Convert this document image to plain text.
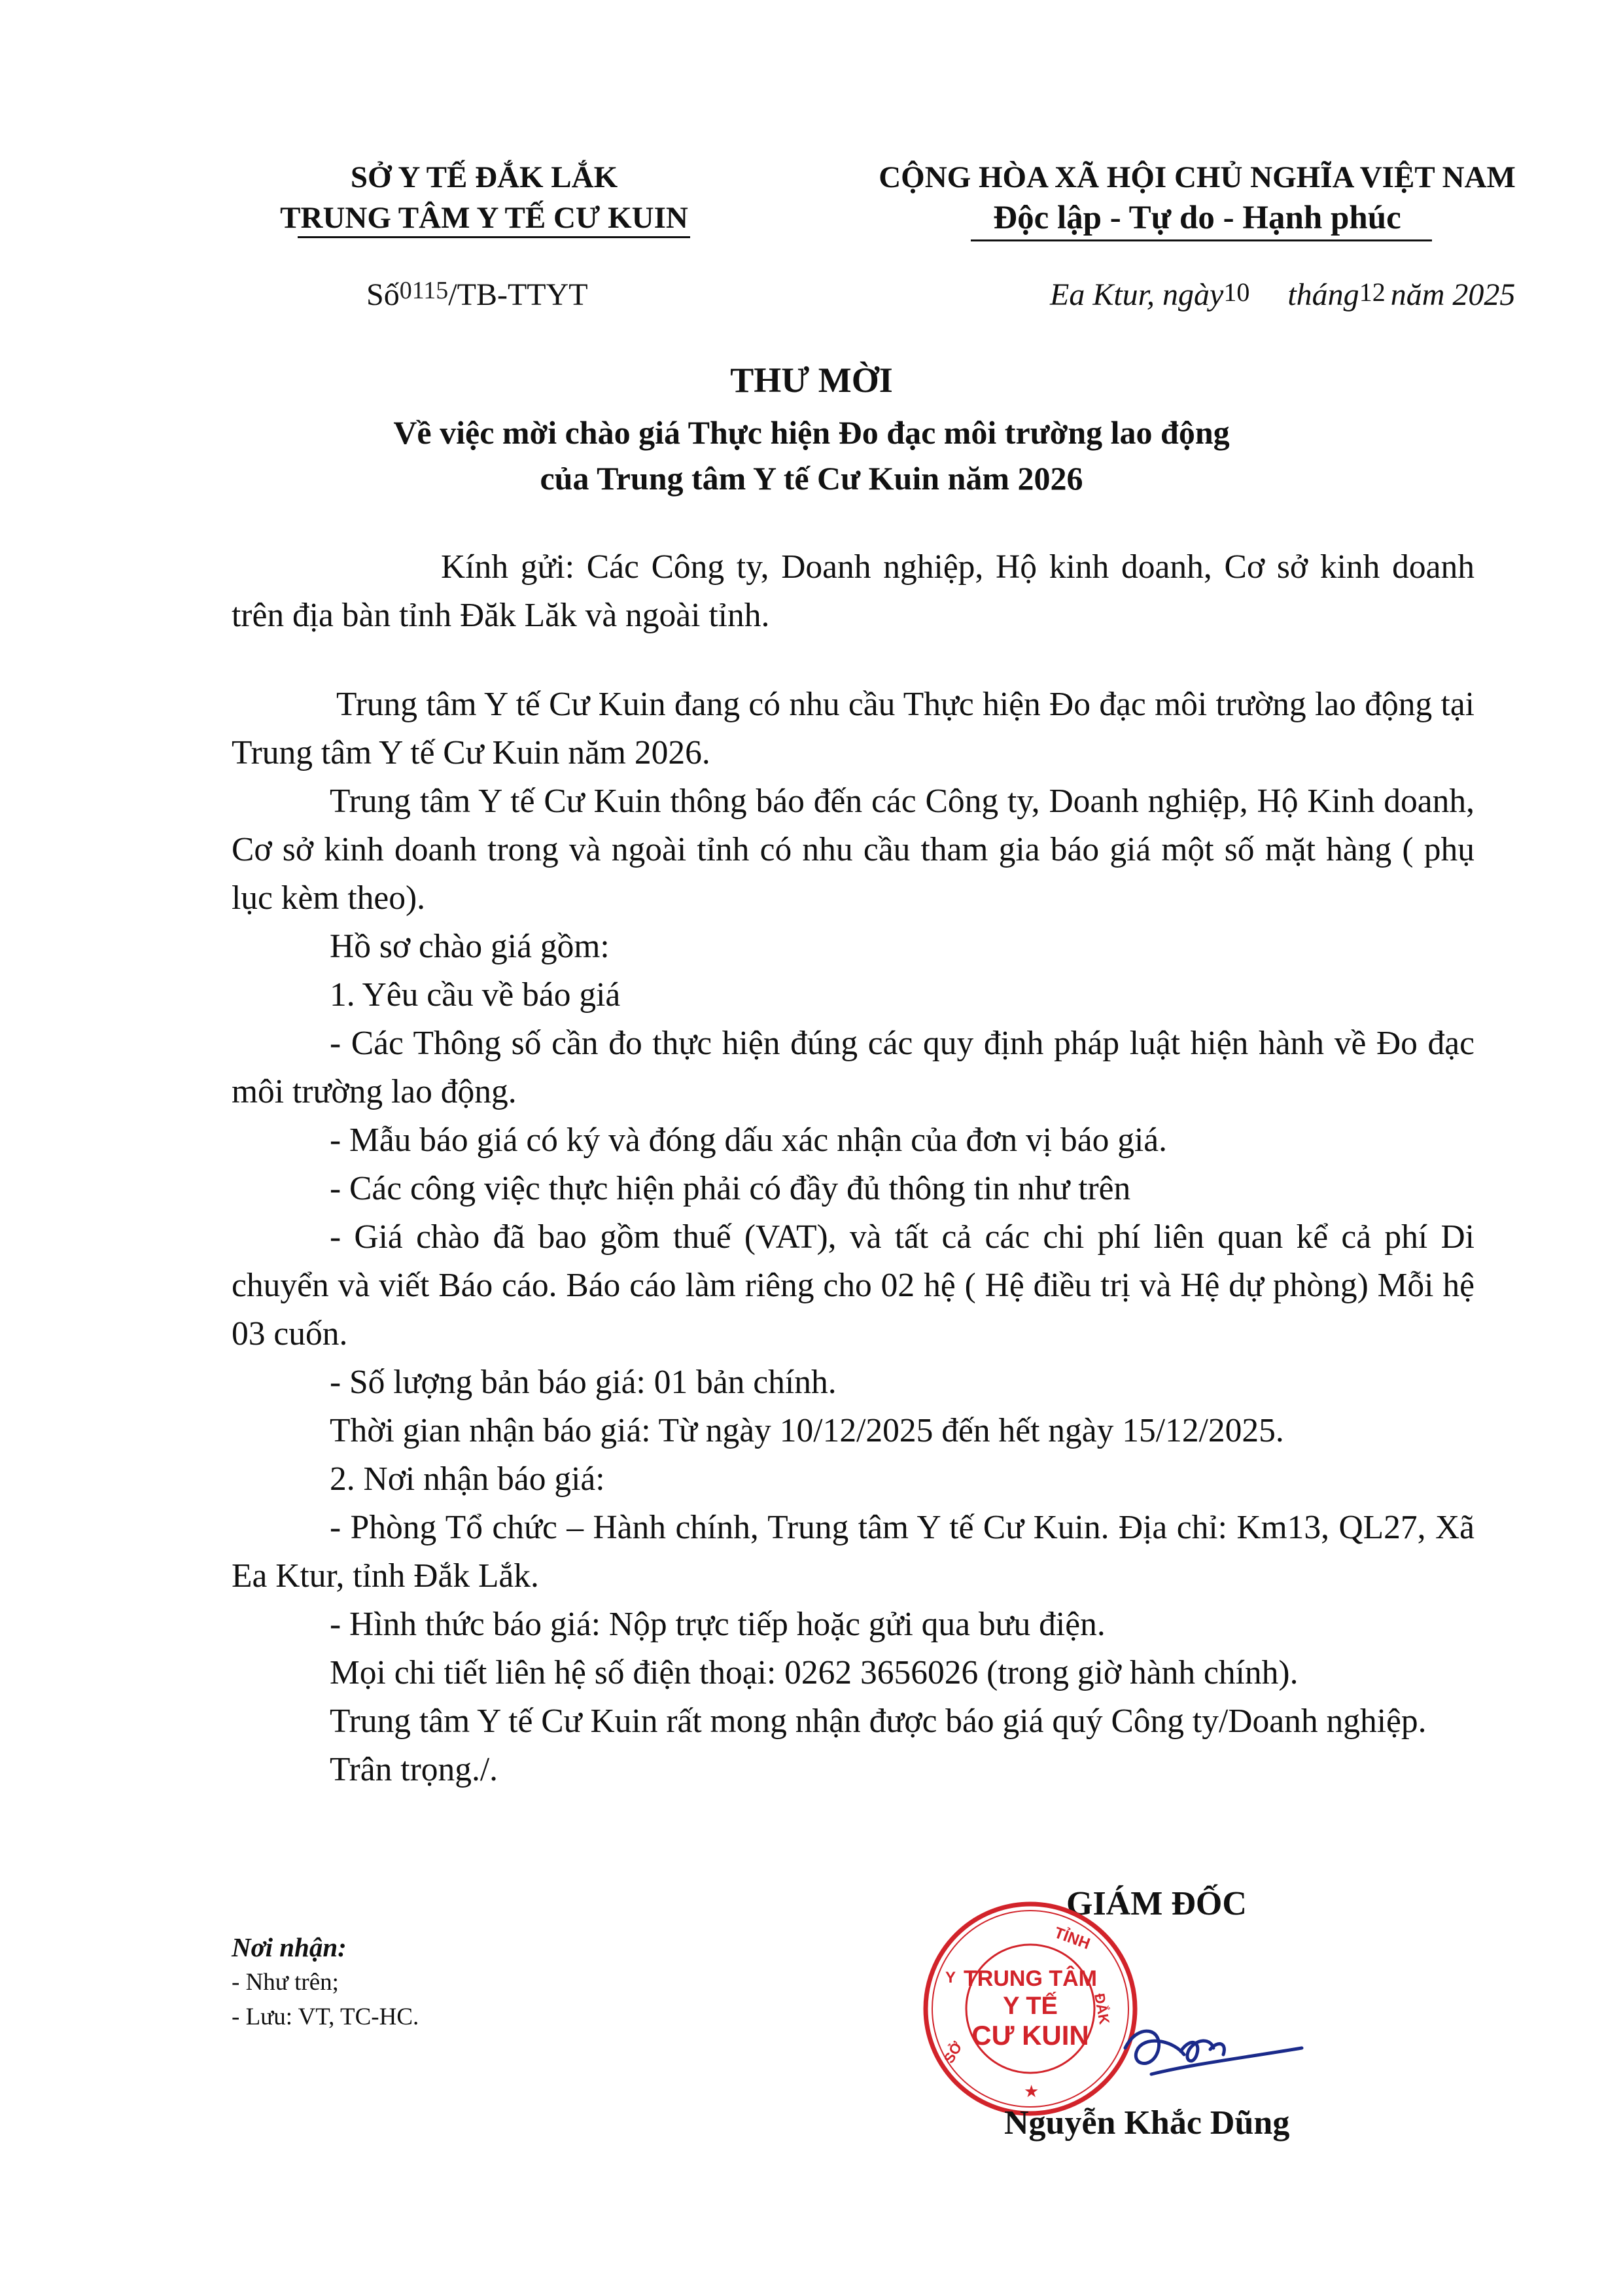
SỞ Y TẾ ĐẮK LẮK
TRUNG TÂM Y TẾ CƯ KUIN
CỘNG HÒA XÃ HỘI CHỦ NGHĨA VIỆT NAM
Độc lập - Tự do - Hạnh phúc
Số$^{0115}$/TB-TTYT	Ea Ktur, ngày10 tháng12 năm 2025
THƯ MỜI
Về việc mời chào giá Thực hiện Đo đạc môi trường lao động
của Trung tâm Y tế Cư Kuin năm 2026

Kính gửi: Các Công ty, Doanh nghiệp, Hộ kinh doanh, Cơ sở kinh doanh trên địa bàn tỉnh Đăk Lăk và ngoài tỉnh.

Trung tâm Y tế Cư Kuin đang có nhu cầu Thực hiện Đo đạc môi trường lao động tại Trung tâm Y tế Cư Kuin năm 2026.

Trung tâm Y tế Cư Kuin thông báo đến các Công ty, Doanh nghiệp, Hộ Kinh doanh, Cơ sở kinh doanh trong và ngoài tỉnh có nhu cầu tham gia báo giá một số mặt hàng ( phụ lục kèm theo).

Hồ sơ chào giá gồm:

1. Yêu cầu về báo giá

- Các Thông số cần đo thực hiện đúng các quy định pháp luật hiện hành về Đo đạc môi trường lao động.

- Mẫu báo giá có ký và đóng dấu xác nhận của đơn vị báo giá.

- Các công việc thực hiện phải có đầy đủ thông tin như trên

- Giá chào đã bao gồm thuế (VAT), và tất cả các chi phí liên quan kể cả phí Di chuyển và viết Báo cáo. Báo cáo làm riêng cho 02 hệ ( Hệ điều trị và Hệ dự phòng) Mỗi hệ 03 cuốn.

- Số lượng bản báo giá: 01 bản chính.

Thời gian nhận báo giá: Từ ngày 10/12/2025 đến hết ngày 15/12/2025.

2. Nơi nhận báo giá:

- Phòng Tổ chức – Hành chính, Trung tâm Y tế Cư Kuin. Địa chỉ: Km13, QL27, Xã Ea Ktur, tỉnh Đắk Lắk.

- Hình thức báo giá: Nộp trực tiếp hoặc gửi qua bưu điện.

Mọi chi tiết liên hệ số điện thoại: 0262 3656026 (trong giờ hành chính).

Trung tâm Y tế Cư Kuin rất mong nhận được báo giá quý Công ty/Doanh nghiệp.

Trân trọng./.

Nơi nhận:
- Như trên;
- Lưu: VT, TC-HC.
GIÁM ĐỐC
TỈNH
Y
ĐẮK
SỞ
★
TRUNG TÂM
Y TẾ
CƯ KUIN
Nguyễn Khắc Dũng
